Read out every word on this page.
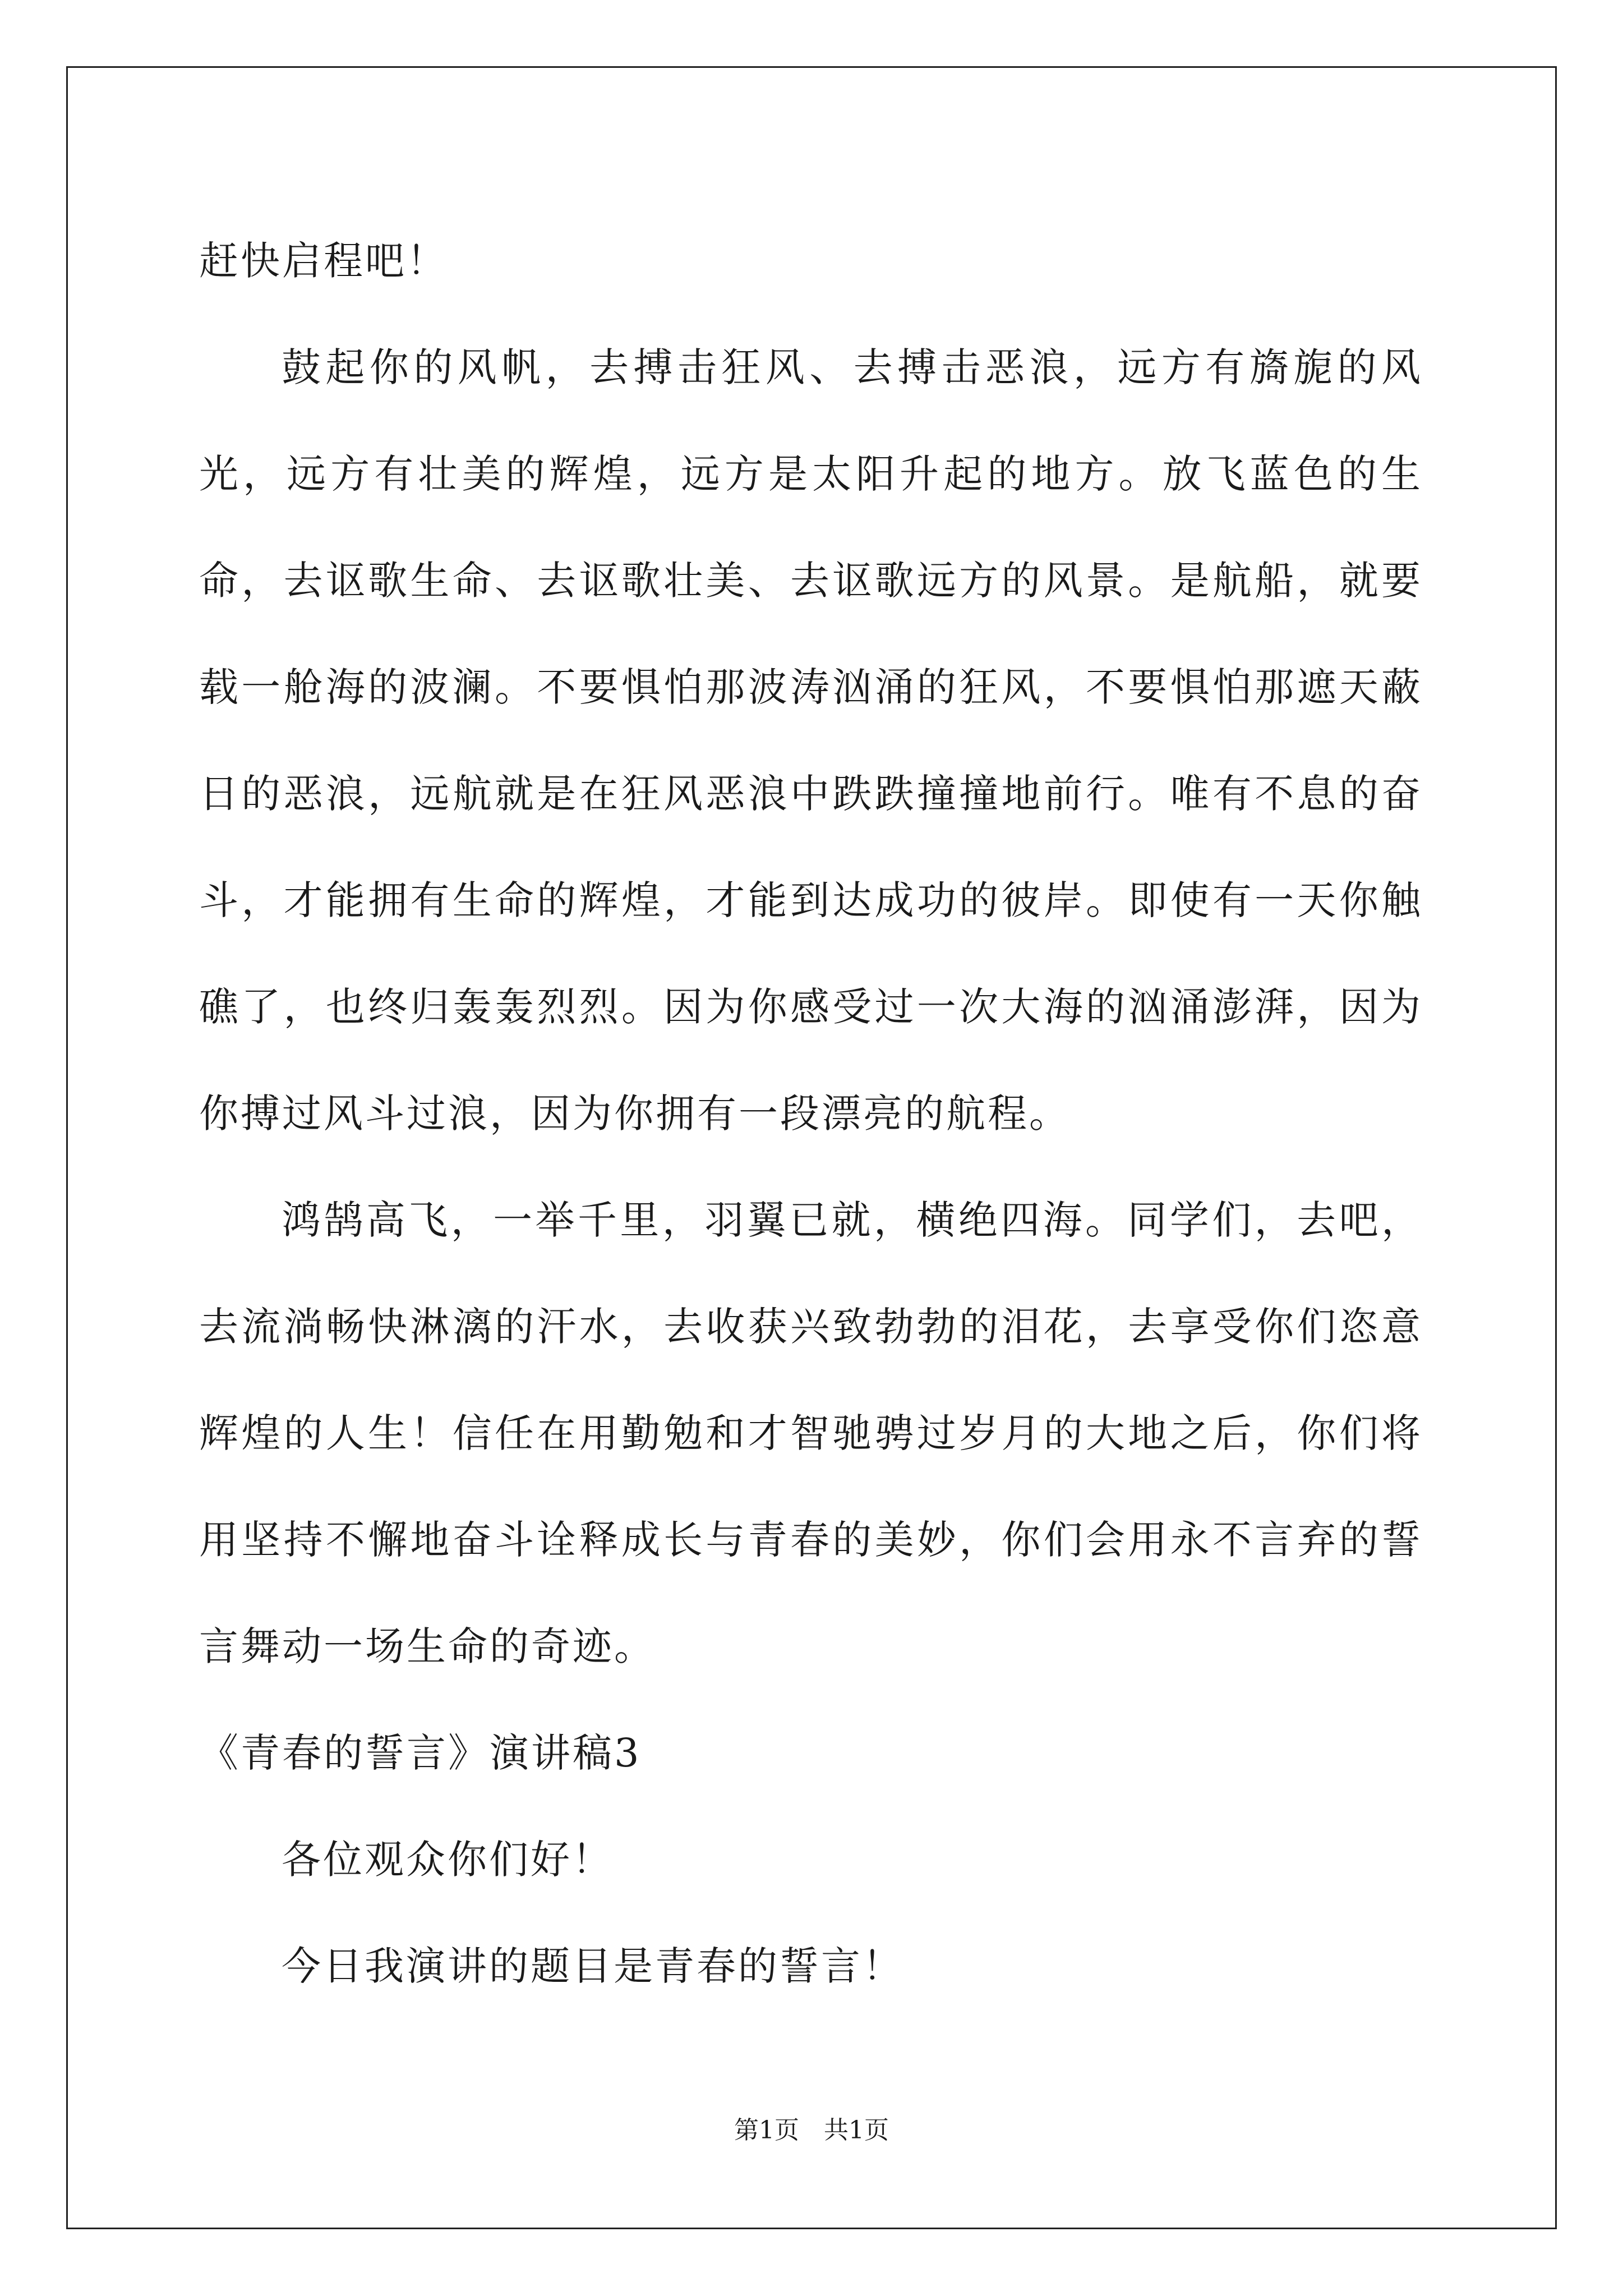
赶快启程吧！
鼓起你的风帆，去搏击狂风、去搏击恶浪，远方有旖旎的风光，远方有壮美的辉煌，远方是太阳升起的地方。放飞蓝色的生命，去讴歌生命、去讴歌壮美、去讴歌远方的风景。是航船，就要载一舱海的波澜。不要惧怕那波涛汹涌的狂风，不要惧怕那遮天蔽日的恶浪，远航就是在狂风恶浪中跌跌撞撞地前行。唯有不息的奋斗，才能拥有生命的辉煌，才能到达成功的彼岸。即使有一天你触礁了，也终归轰轰烈烈。因为你感受过一次大海的汹涌澎湃，因为你搏过风斗过浪，因为你拥有一段漂亮的航程。
鸿鹄高飞，一举千里，羽翼已就，横绝四海。同学们，去吧，去流淌畅快淋漓的汗水，去收获兴致勃勃的泪花，去享受你们恣意辉煌的人生！信任在用勤勉和才智驰骋过岁月的大地之后，你们将用坚持不懈地奋斗诠释成长与青春的美妙，你们会用永不言弃的誓言舞动一场生命的奇迹。
《青春的誓言》演讲稿3
各位观众你们好！
今日我演讲的题目是青春的誓言！
第1页　共1页
